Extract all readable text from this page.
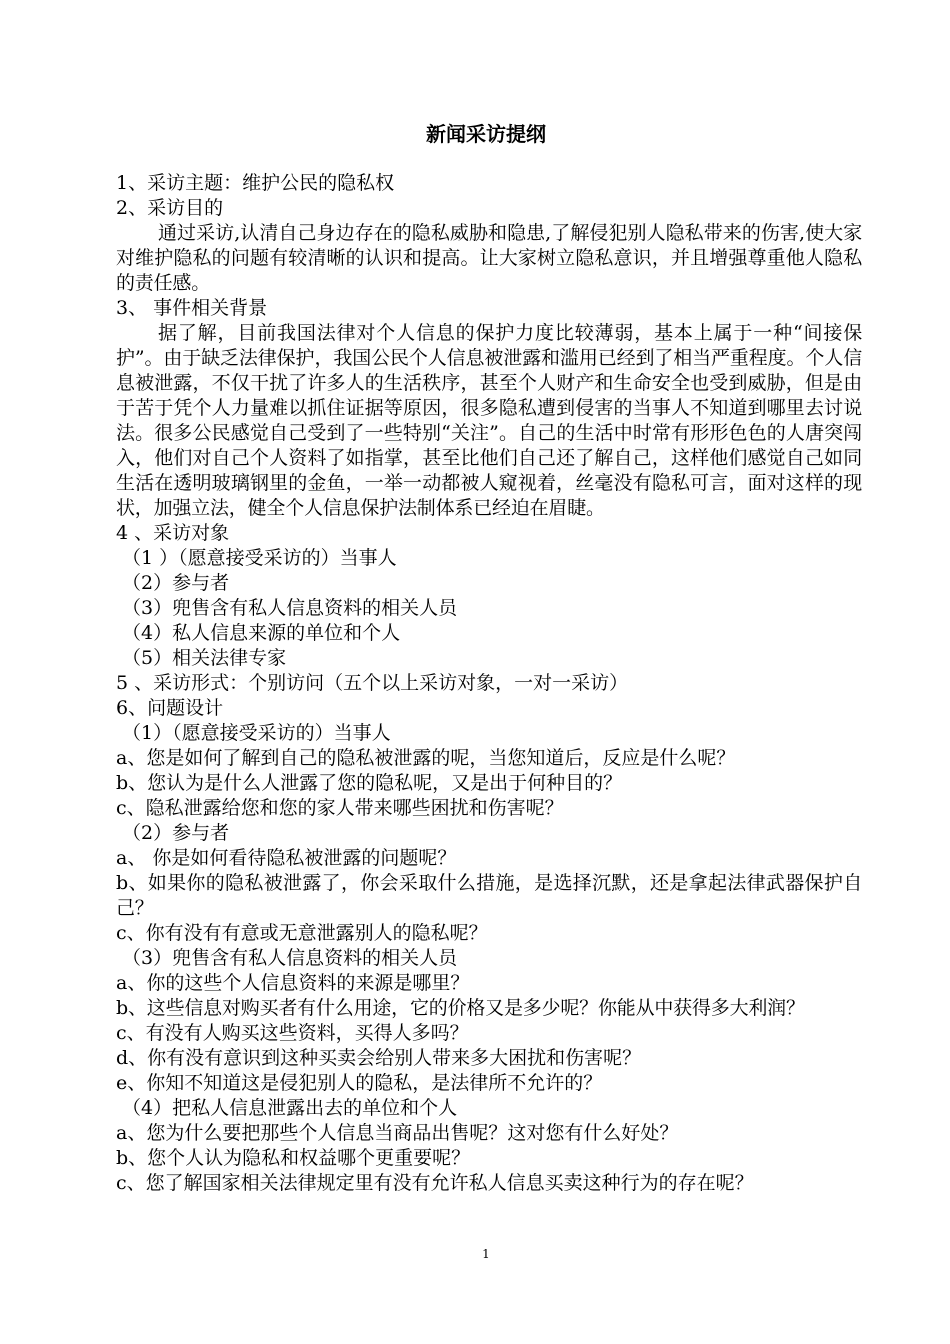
新闻采访提纲
1、采访主题：维护公民的隐私权
2、采访目的
通过采访,认清自己身边存在的隐私威胁和隐患,了解侵犯别人隐私带来的伤害,使大家对维护隐私的问题有较清晰的认识和提高。让大家树立隐私意识，并且增强尊重他人隐私的责任感。
3、 事件相关背景
据了解，目前我国法律对个人信息的保护力度比较薄弱，基本上属于一种“间接保护”。由于缺乏法律保护，我国公民个人信息被泄露和滥用已经到了相当严重程度。个人信息被泄露，不仅干扰了许多人的生活秩序，甚至个人财产和生命安全也受到威胁，但是由于苦于凭个人力量难以抓住证据等原因，很多隐私遭到侵害的当事人不知道到哪里去讨说法。很多公民感觉自己受到了一些特别“关注”。自己的生活中时常有形形色色的人唐突闯入，他们对自己个人资料了如指掌，甚至比他们自己还了解自己，这样他们感觉自己如同生活在透明玻璃钢里的金鱼，一举一动都被人窥视着，丝毫没有隐私可言，面对这样的现状，加强立法，健全个人信息保护法制体系已经迫在眉睫。
4 、采访对象
（1 ）（愿意接受采访的）当事人
（2）参与者
（3）兜售含有私人信息资料的相关人员
（4）私人信息来源的单位和个人
（5）相关法律专家
5 、采访形式：个别访问（五个以上采访对象，一对一采访）
6、问题设计
（1）（愿意接受采访的）当事人
a、您是如何了解到自己的隐私被泄露的呢，当您知道后，反应是什么呢？
b、您认为是什么人泄露了您的隐私呢，又是出于何种目的？
c、隐私泄露给您和您的家人带来哪些困扰和伤害呢？
（2）参与者
a、 你是如何看待隐私被泄露的问题呢？
b、如果你的隐私被泄露了，你会采取什么措施，是选择沉默，还是拿起法律武器保护自己？
c、你有没有有意或无意泄露别人的隐私呢？
（3）兜售含有私人信息资料的相关人员
a、你的这些个人信息资料的来源是哪里？
b、这些信息对购买者有什么用途，它的价格又是多少呢？你能从中获得多大利润？
c、有没有人购买这些资料，买得人多吗？
d、你有没有意识到这种买卖会给别人带来多大困扰和伤害呢？
e、你知不知道这是侵犯别人的隐私，是法律所不允许的？
（4）把私人信息泄露出去的单位和个人
a、您为什么要把那些个人信息当商品出售呢？这对您有什么好处？
b、您个人认为隐私和权益哪个更重要呢？
c、您了解国家相关法律规定里有没有允许私人信息买卖这种行为的存在呢？
1
